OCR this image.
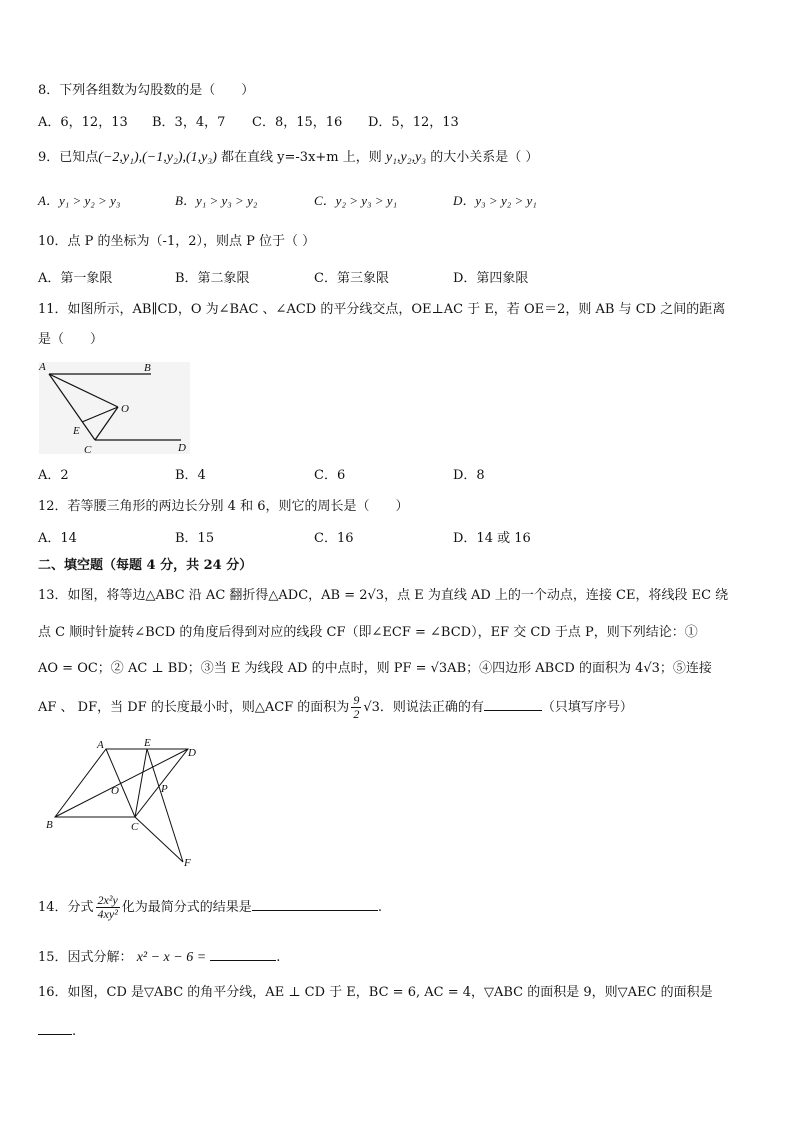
8．下列各组数为勾股数的是（　　）
A．6，12，13 B．3，4，7 C．8，15，16 D．5，12，13
9．已知点(−2,y₁),(−1,y₂),(1,y₃) 都在直线 y=-3x+m 上，则 y₁,y₂,y₃ 的大小关系是（ ）
A．y₁ > y₂ > y₃	B．y₁ > y₃ > y₂	C．y₂ > y₃ > y₁	D．y₃ > y₂ > y₁
10．点 P 的坐标为（-1，2），则点 P 位于（ ）
A．第一象限	B．第二象限	C．第三象限	D．第四象限
11．如图所示，AB∥CD，O 为∠BAC 、∠ACD 的平分线交点，OE⊥AC 于 E，若 OE＝2，则 AB 与 CD 之间的距离
是（　　）
A	B
O
E
C	D
A．2	B．4	C．6	D．8
12．若等腰三角形的两边长分别 4 和 6，则它的周长是（　　）
A．14	B．15	C．16	D．14 或 16
二、填空题（每题 4 分，共 24 分）
13．如图，将等边△ABC 沿 AC 翻折得△ADC，AB = 2√3，点 E 为直线 AD 上的一个动点，连接 CE，将线段 EC 绕
点 C 顺时针旋转∠BCD 的角度后得到对应的线段 CF（即∠ECF = ∠BCD），EF 交 CD 于点 P，则下列结论：①
AO = OC；② AC ⊥ BD；③当 E 为线段 AD 的中点时，则 PF = √3AB；④四边形 ABCD 的面积为 4√3；⑤连接
AF 、 DF，当 DF 的长度最小时，则△ACF 的面积为 $\frac{9}{2} √3$．则说法正确的有	（只填写序号）
A	E
D
O	P
B	C
F
14．分式 $\frac{\text{2x²y}}{\text{4xy²}}$ 化为最简分式的结果是	.
15．因式分解： x² − x − 6 =	.
16．如图，CD 是▽ABC 的角平分线，AE ⊥ CD 于 E，BC = 6, AC = 4，▽ABC 的面积是 9，则▽AEC 的面积是
.
